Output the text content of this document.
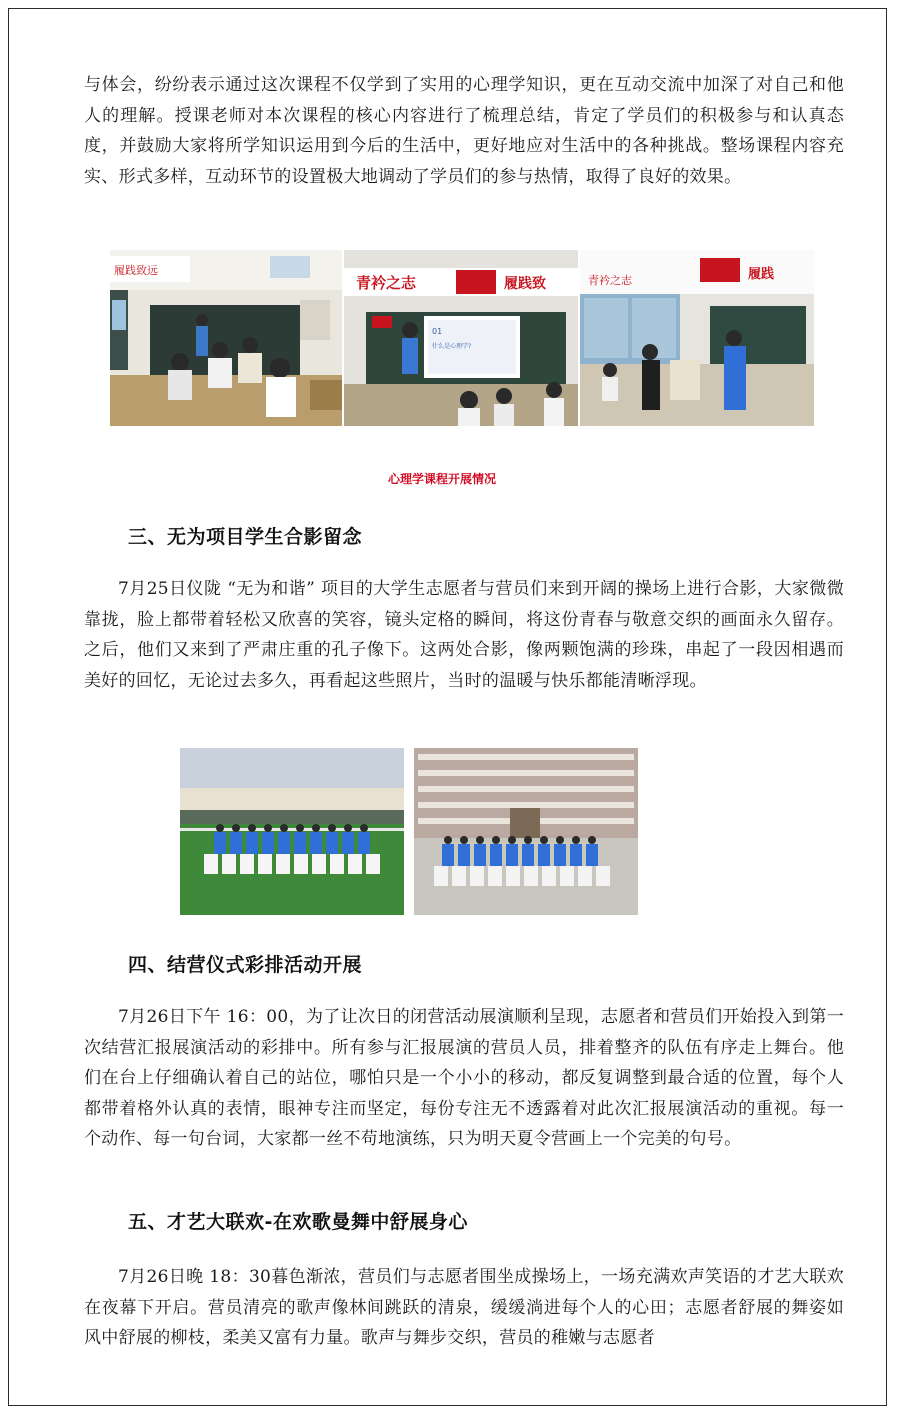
与体会，纷纷表示通过这次课程不仅学到了实用的心理学知识，更在互动交流中加深了对自己和他人的理解。授课老师对本次课程的核心内容进行了梳理总结，肯定了学员们的积极参与和认真态度，并鼓励大家将所学知识运用到今后的生活中，更好地应对生活中的各种挑战。整场课程内容充实、形式多样，互动环节的设置极大地调动了学员们的参与热情，取得了良好的效果。

履践致远
青衿之志	履践致
01
什么是心理学?
青衿之志	履践

心理学课程开展情况

三、无为项目学生合影留念

7月25日仪陇 “无为和谐” 项目的大学生志愿者与营员们来到开阔的操场上进行合影，大家微微靠拢，脸上都带着轻松又欣喜的笑容，镜头定格的瞬间，将这份青春与敬意交织的画面永久留存。之后，他们又来到了严肃庄重的孔子像下。这两处合影，像两颗饱满的珍珠，串起了一段因相遇而美好的回忆，无论过去多久，再看起这些照片，当时的温暖与快乐都能清晰浮现。

四、结营仪式彩排活动开展

7月26日下午 16：00，为了让次日的闭营活动展演顺利呈现，志愿者和营员们开始投入到第一次结营汇报展演活动的彩排中。所有参与汇报展演的营员人员，排着整齐的队伍有序走上舞台。他们在台上仔细确认着自己的站位，哪怕只是一个小小的移动，都反复调整到最合适的位置，每个人都带着格外认真的表情，眼神专注而坚定，每份专注无不透露着对此次汇报展演活动的重视。每一个动作、每一句台词，大家都一丝不苟地演练，只为明天夏令营画上一个完美的句号。

五、才艺大联欢-在欢歌曼舞中舒展身心

7月26日晚 18：30暮色渐浓，营员们与志愿者围坐成操场上，一场充满欢声笑语的才艺大联欢在夜幕下开启。营员清亮的歌声像林间跳跃的清泉，缓缓淌进每个人的心田；志愿者舒展的舞姿如风中舒展的柳枝，柔美又富有力量。歌声与舞步交织，营员的稚嫩与志愿者
